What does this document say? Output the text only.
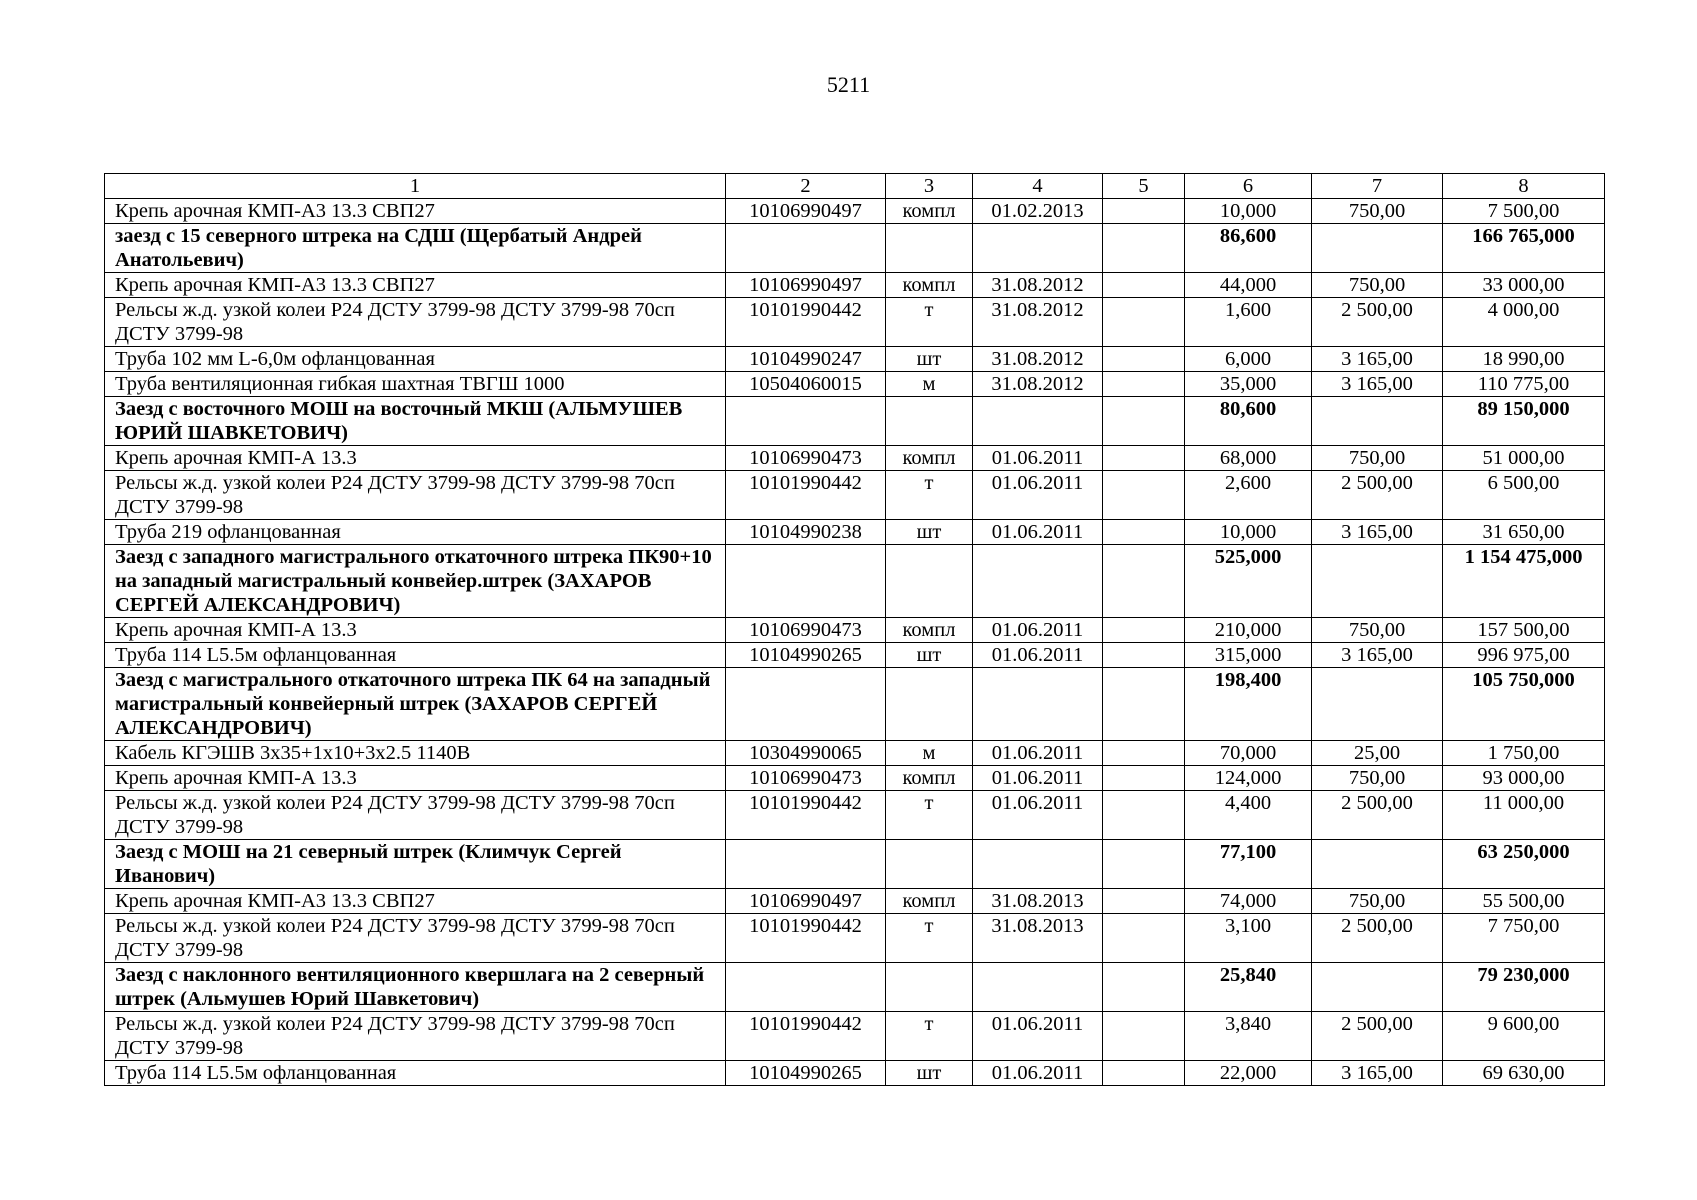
5211
1	2	3	4	5	6	7	8
Крепь арочная КМП-А3 13.3 СВП27	10106990497	компл	01.02.2013		10,000	750,00	7 500,00
заезд с 15 северного штрека на СДШ (Щербатый Андрей Анатольевич)					86,600		166 765,000
Крепь арочная КМП-А3 13.3 СВП27	10106990497	компл	31.08.2012		44,000	750,00	33 000,00
Рельсы ж.д. узкой колеи Р24 ДСТУ 3799-98 ДСТУ 3799-98 70сп ДСТУ 3799-98	10101990442	т	31.08.2012		1,600	2 500,00	4 000,00
Труба 102 мм L-6,0м офланцованная	10104990247	шт	31.08.2012		6,000	3 165,00	18 990,00
Труба вентиляционная гибкая шахтная ТВГШ 1000	10504060015	м	31.08.2012		35,000	3 165,00	110 775,00
Заезд с восточного МОШ на восточный МКШ (АЛЬМУШЕВ ЮРИЙ ШАВКЕТОВИЧ)					80,600		89 150,000
Крепь арочная КМП-А 13.3	10106990473	компл	01.06.2011		68,000	750,00	51 000,00
Рельсы ж.д. узкой колеи Р24 ДСТУ 3799-98 ДСТУ 3799-98 70сп ДСТУ 3799-98	10101990442	т	01.06.2011		2,600	2 500,00	6 500,00
Труба 219 офланцованная	10104990238	шт	01.06.2011		10,000	3 165,00	31 650,00
Заезд с западного магистрального откаточного штрека ПК90+10 на западный магистральный конвейер.штрек (ЗАХАРОВ СЕРГЕЙ АЛЕКСАНДРОВИЧ)					525,000		1 154 475,000
Крепь арочная КМП-А 13.3	10106990473	компл	01.06.2011		210,000	750,00	157 500,00
Труба 114 L5.5м офланцованная	10104990265	шт	01.06.2011		315,000	3 165,00	996 975,00
Заезд с магистрального откаточного штрека ПК 64 на западный магистральный конвейерный штрек (ЗАХАРОВ СЕРГЕЙ АЛЕКСАНДРОВИЧ)					198,400		105 750,000
Кабель КГЭШВ 3х35+1х10+3х2.5 1140В	10304990065	м	01.06.2011		70,000	25,00	1 750,00
Крепь арочная КМП-А 13.3	10106990473	компл	01.06.2011		124,000	750,00	93 000,00
Рельсы ж.д. узкой колеи Р24 ДСТУ 3799-98 ДСТУ 3799-98 70сп ДСТУ 3799-98	10101990442	т	01.06.2011		4,400	2 500,00	11 000,00
Заезд с МОШ на 21 северный штрек (Климчук Сергей Иванович)					77,100		63 250,000
Крепь арочная КМП-А3 13.3 СВП27	10106990497	компл	31.08.2013		74,000	750,00	55 500,00
Рельсы ж.д. узкой колеи Р24 ДСТУ 3799-98 ДСТУ 3799-98 70сп ДСТУ 3799-98	10101990442	т	31.08.2013		3,100	2 500,00	7 750,00
Заезд с наклонного вентиляционного квершлага на 2 северный штрек (Альмушев Юрий Шавкетович)					25,840		79 230,000
Рельсы ж.д. узкой колеи Р24 ДСТУ 3799-98 ДСТУ 3799-98 70сп ДСТУ 3799-98	10101990442	т	01.06.2011		3,840	2 500,00	9 600,00
Труба 114 L5.5м офланцованная	10104990265	шт	01.06.2011		22,000	3 165,00	69 630,00
